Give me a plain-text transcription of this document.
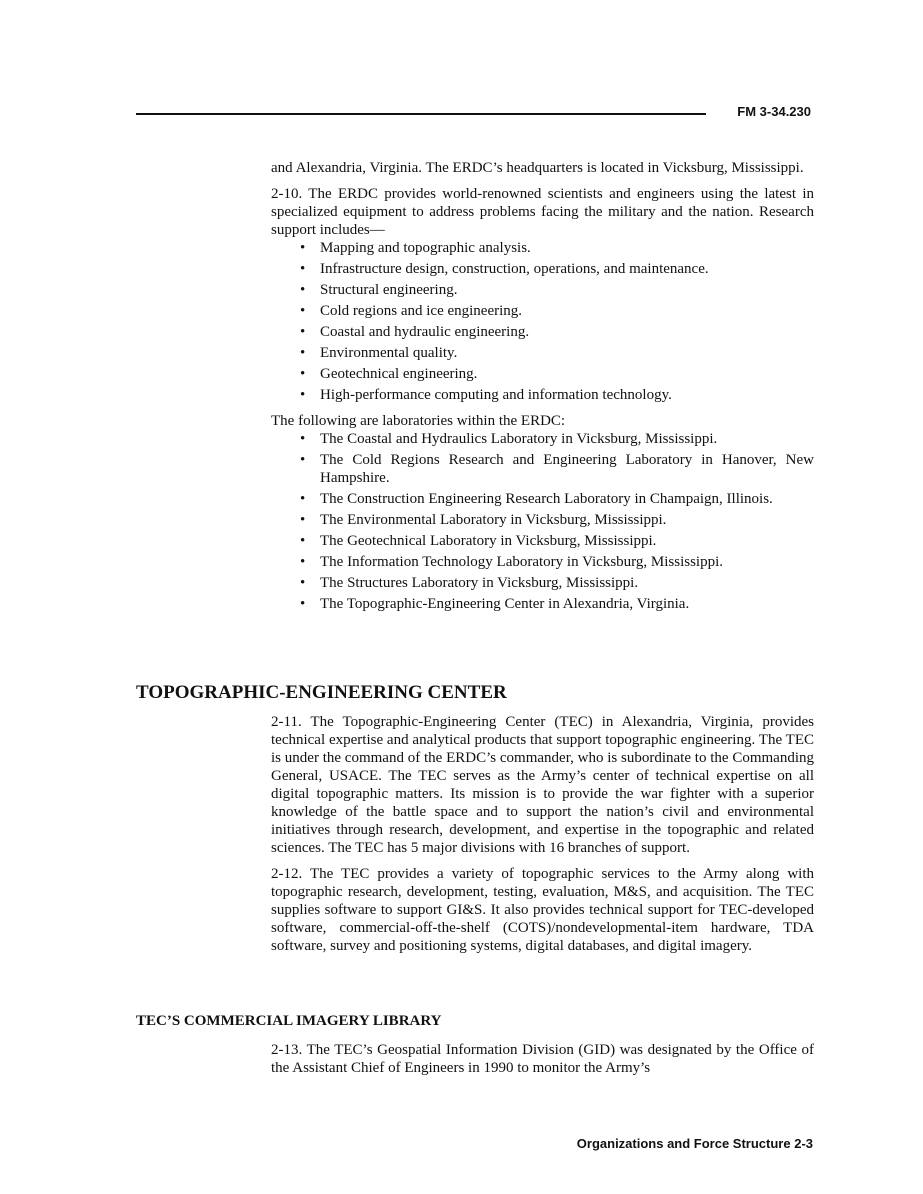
FM 3-34.230

and Alexandria, Virginia. The ERDC’s headquarters is located in Vicksburg, Mississippi.

2-10. The ERDC provides world-renowned scientists and engineers using the latest in specialized equipment to address problems facing the military and the nation. Research support includes—

• Mapping and topographic analysis.
• Infrastructure design, construction, operations, and maintenance.
• Structural engineering.
• Cold regions and ice engineering.
• Coastal and hydraulic engineering.
• Environmental quality.
• Geotechnical engineering.
• High-performance computing and information technology.

The following are laboratories within the ERDC:

• The Coastal and Hydraulics Laboratory in Vicksburg, Mississippi.
• The Cold Regions Research and Engineering Laboratory in Hanover, New Hampshire.
• The Construction Engineering Research Laboratory in Champaign, Illinois.
• The Environmental Laboratory in Vicksburg, Mississippi.
• The Geotechnical Laboratory in Vicksburg, Mississippi.
• The Information Technology Laboratory in Vicksburg, Mississippi.
• The Structures Laboratory in Vicksburg, Mississippi.
• The Topographic-Engineering Center in Alexandria, Virginia.
TOPOGRAPHIC-ENGINEERING CENTER

2-11. The Topographic-Engineering Center (TEC) in Alexandria, Virginia, provides technical expertise and analytical products that support topographic engineering. The TEC is under the command of the ERDC’s commander, who is subordinate to the Commanding General, USACE. The TEC serves as the Army’s center of technical expertise on all digital topographic matters. Its mission is to provide the war fighter with a superior knowledge of the battle space and to support the nation’s civil and environmental initiatives through research, development, and expertise in the topographic and related sciences. The TEC has 5 major divisions with 16 branches of support.

2-12. The TEC provides a variety of topographic services to the Army along with topographic research, development, testing, evaluation, M&S, and acquisition. The TEC supplies software to support GI&S. It also provides technical support for TEC-developed software, commercial-off-the-shelf (COTS)/nondevelopmental-item hardware, TDA software, survey and positioning systems, digital databases, and digital imagery.

TEC’S COMMERCIAL IMAGERY LIBRARY

2-13. The TEC’s Geospatial Information Division (GID) was designated by the Office of the Assistant Chief of Engineers in 1990 to monitor the Army’s

Organizations and Force Structure 2-3
